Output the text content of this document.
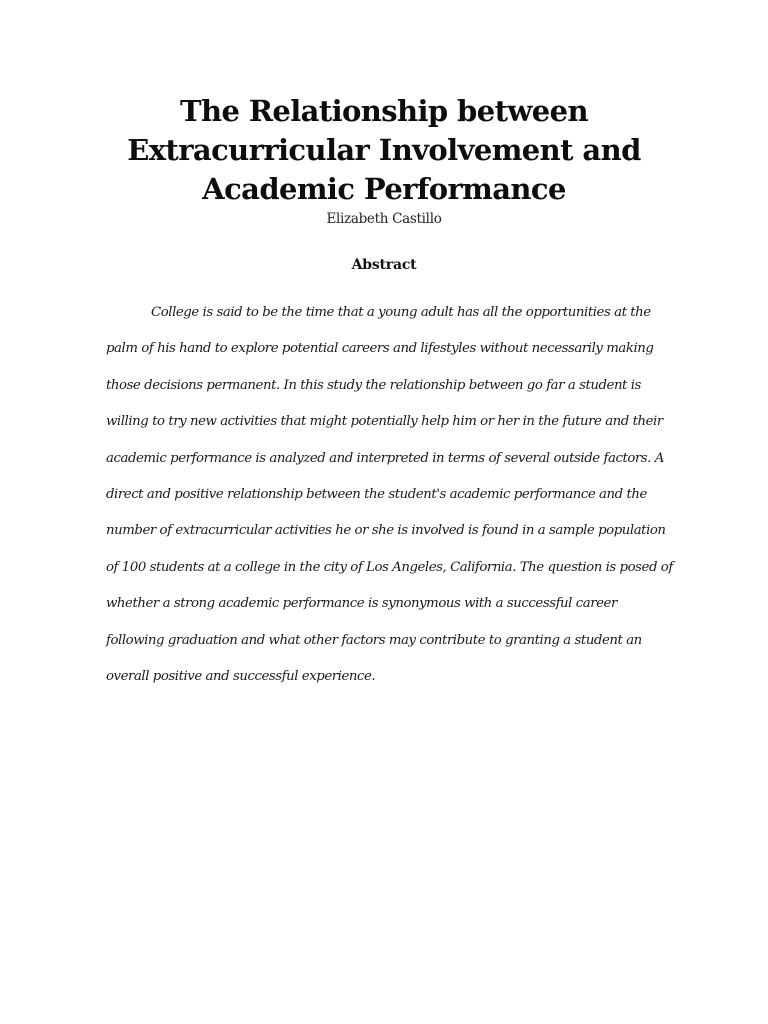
The Relationship between
Extracurricular Involvement and
Academic Performance
Elizabeth Castillo
Abstract
College is said to be the time that a young adult has all the opportunities at the
palm of his hand to explore potential careers and lifestyles without necessarily making
those decisions permanent. In this study the relationship between go far a student is
willing to try new activities that might potentially help him or her in the future and their
academic performance is analyzed and interpreted in terms of several outside factors. A
direct and positive relationship between the student's academic performance and the
number of extracurricular activities he or she is involved is found in a sample population
of 100 students at a college in the city of Los Angeles, California. The question is posed of
whether a strong academic performance is synonymous with a successful career
following graduation and what other factors may contribute to granting a student an
overall positive and successful experience.
